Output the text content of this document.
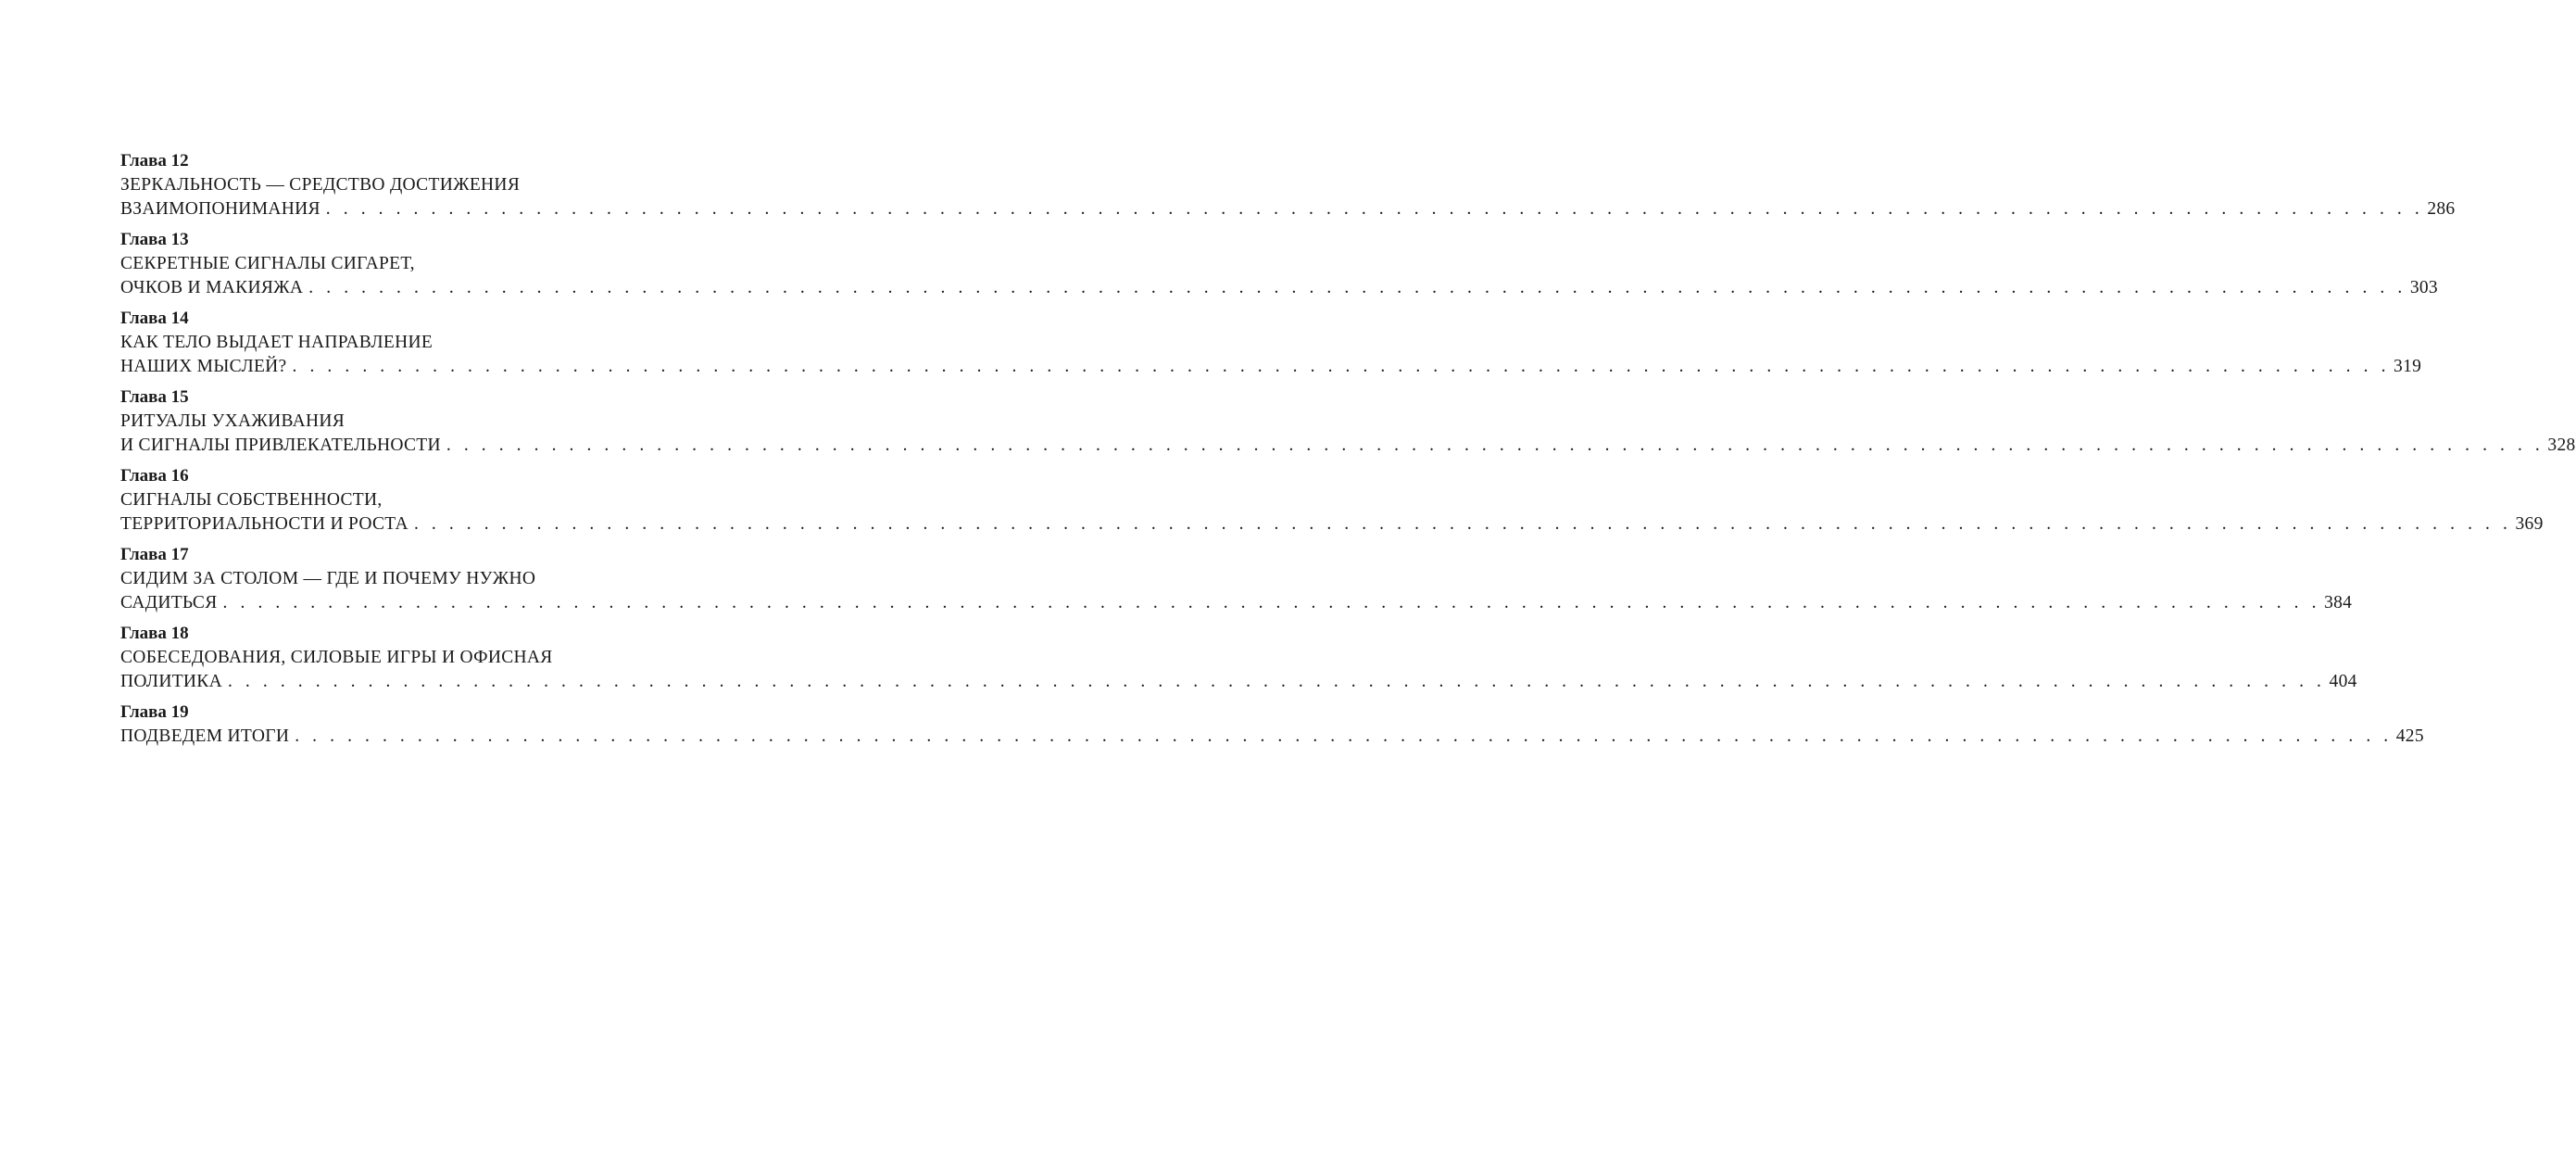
Глава 12
ЗЕРКАЛЬНОСТЬ — СРЕДСТВО ДОСТИЖЕНИЯ
ВЗАИМОПОНИМАНИЯ . . . . . . . . . . . . . . . . . . . . . . . . . . . . . . . . . . . . . . . . . . . . . . . . . . . . . . . . . . . . . . . . . . . . . . . . . . . . . . . . . . . . . . . . . . . . . . . . . . . . . . . . . . . . . . . . . . . . . . . . 286
Глава 13
СЕКРЕТНЫЕ СИГНАЛЫ СИГАРЕТ,
ОЧКОВ И МАКИЯЖА . . . . . . . . . . . . . . . . . . . . . . . . . . . . . . . . . . . . . . . . . . . . . . . . . . . . . . . . . . . . . . . . . . . . . . . . . . . . . . . . . . . . . . . . . . . . . . . . . . . . . . . . . . . . . . . . . . . . . . . . 303
Глава 14
КАК ТЕЛО ВЫДАЕТ НАПРАВЛЕНИЕ
НАШИХ МЫСЛЕЙ? . . . . . . . . . . . . . . . . . . . . . . . . . . . . . . . . . . . . . . . . . . . . . . . . . . . . . . . . . . . . . . . . . . . . . . . . . . . . . . . . . . . . . . . . . . . . . . . . . . . . . . . . . . . . . . . . . . . . . . . . 319
Глава 15
РИТУАЛЫ УХАЖИВАНИЯ
И СИГНАЛЫ ПРИВЛЕКАТЕЛЬНОСТИ . . . . . . . . . . . . . . . . . . . . . . . . . . . . . . . . . . . . . . . . . . . . . . . . . . . . . . . . . . . . . . . . . . . . . . . . . . . . . . . . . . . . . . . . . . . . . . . . . . . . . . . . . . . . . . . . . . . . . . . . 328
Глава 16
СИГНАЛЫ СОБСТВЕННОСТИ,
ТЕРРИТОРИАЛЬНОСТИ И РОСТА . . . . . . . . . . . . . . . . . . . . . . . . . . . . . . . . . . . . . . . . . . . . . . . . . . . . . . . . . . . . . . . . . . . . . . . . . . . . . . . . . . . . . . . . . . . . . . . . . . . . . . . . . . . . . . . . . . . . . . . . 369
Глава 17
СИДИМ ЗА СТОЛОМ — ГДЕ И ПОЧЕМУ НУЖНО
САДИТЬСЯ . . . . . . . . . . . . . . . . . . . . . . . . . . . . . . . . . . . . . . . . . . . . . . . . . . . . . . . . . . . . . . . . . . . . . . . . . . . . . . . . . . . . . . . . . . . . . . . . . . . . . . . . . . . . . . . . . . . . . . . . 384
Глава 18
СОБЕСЕДОВАНИЯ, СИЛОВЫЕ ИГРЫ И ОФИСНАЯ
ПОЛИТИКА . . . . . . . . . . . . . . . . . . . . . . . . . . . . . . . . . . . . . . . . . . . . . . . . . . . . . . . . . . . . . . . . . . . . . . . . . . . . . . . . . . . . . . . . . . . . . . . . . . . . . . . . . . . . . . . . . . . . . . . . 404
Глава 19
ПОДВЕДЕМ ИТОГИ . . . . . . . . . . . . . . . . . . . . . . . . . . . . . . . . . . . . . . . . . . . . . . . . . . . . . . . . . . . . . . . . . . . . . . . . . . . . . . . . . . . . . . . . . . . . . . . . . . . . . . . . . . . . . . . . . . . . . . . . 425
